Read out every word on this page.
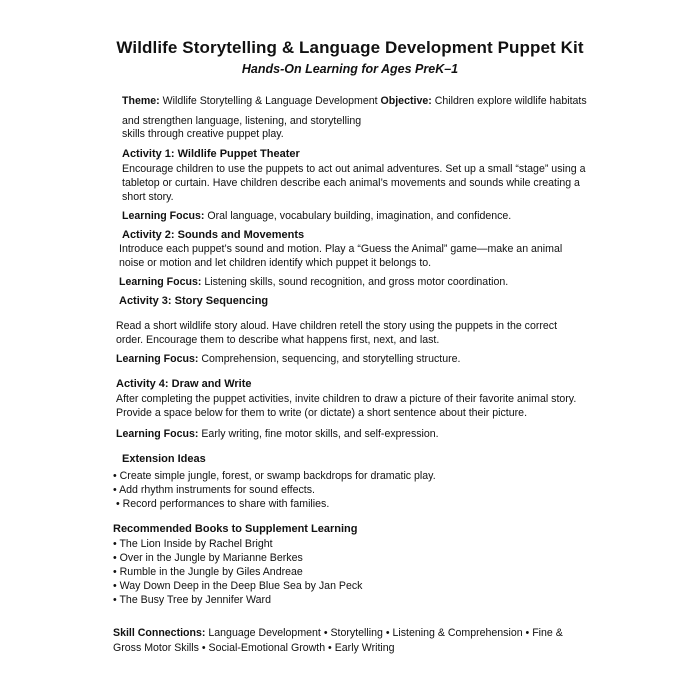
Wildlife Storytelling & Language Development Puppet Kit
Hands-On Learning for Ages PreK–1
Theme: Wildlife Storytelling & Language Development Objective: Children explore wildlife habitats
and strengthen language, listening, and storytelling
skills through creative puppet play.
Activity 1: Wildlife Puppet Theater
Encourage children to use the puppets to act out animal adventures. Set up a small “stage” using a
tabletop or curtain. Have children describe each animal’s movements and sounds while creating a
short story.
Learning Focus: Oral language, vocabulary building, imagination, and confidence.
Activity 2: Sounds and Movements
Introduce each puppet’s sound and motion. Play a “Guess the Animal” game—make an animal
noise or motion and let children identify which puppet it belongs to.
Learning Focus: Listening skills, sound recognition, and gross motor coordination.
Activity 3: Story Sequencing
Read a short wildlife story aloud. Have children retell the story using the puppets in the correct
order. Encourage them to describe what happens first, next, and last.
Learning Focus: Comprehension, sequencing, and storytelling structure.
Activity 4: Draw and Write
After completing the puppet activities, invite children to draw a picture of their favorite animal story.
Provide a space below for them to write (or dictate) a short sentence about their picture.
Learning Focus: Early writing, fine motor skills, and self-expression.
Extension Ideas
• Create simple jungle, forest, or swamp backdrops for dramatic play.
• Add rhythm instruments for sound effects.
• Record performances to share with families.
Recommended Books to Supplement Learning
• The Lion Inside by Rachel Bright
• Over in the Jungle by Marianne Berkes
• Rumble in the Jungle by Giles Andreae
• Way Down Deep in the Deep Blue Sea by Jan Peck
• The Busy Tree by Jennifer Ward
Skill Connections: Language Development • Storytelling • Listening & Comprehension • Fine &
Gross Motor Skills • Social-Emotional Growth • Early Writing
